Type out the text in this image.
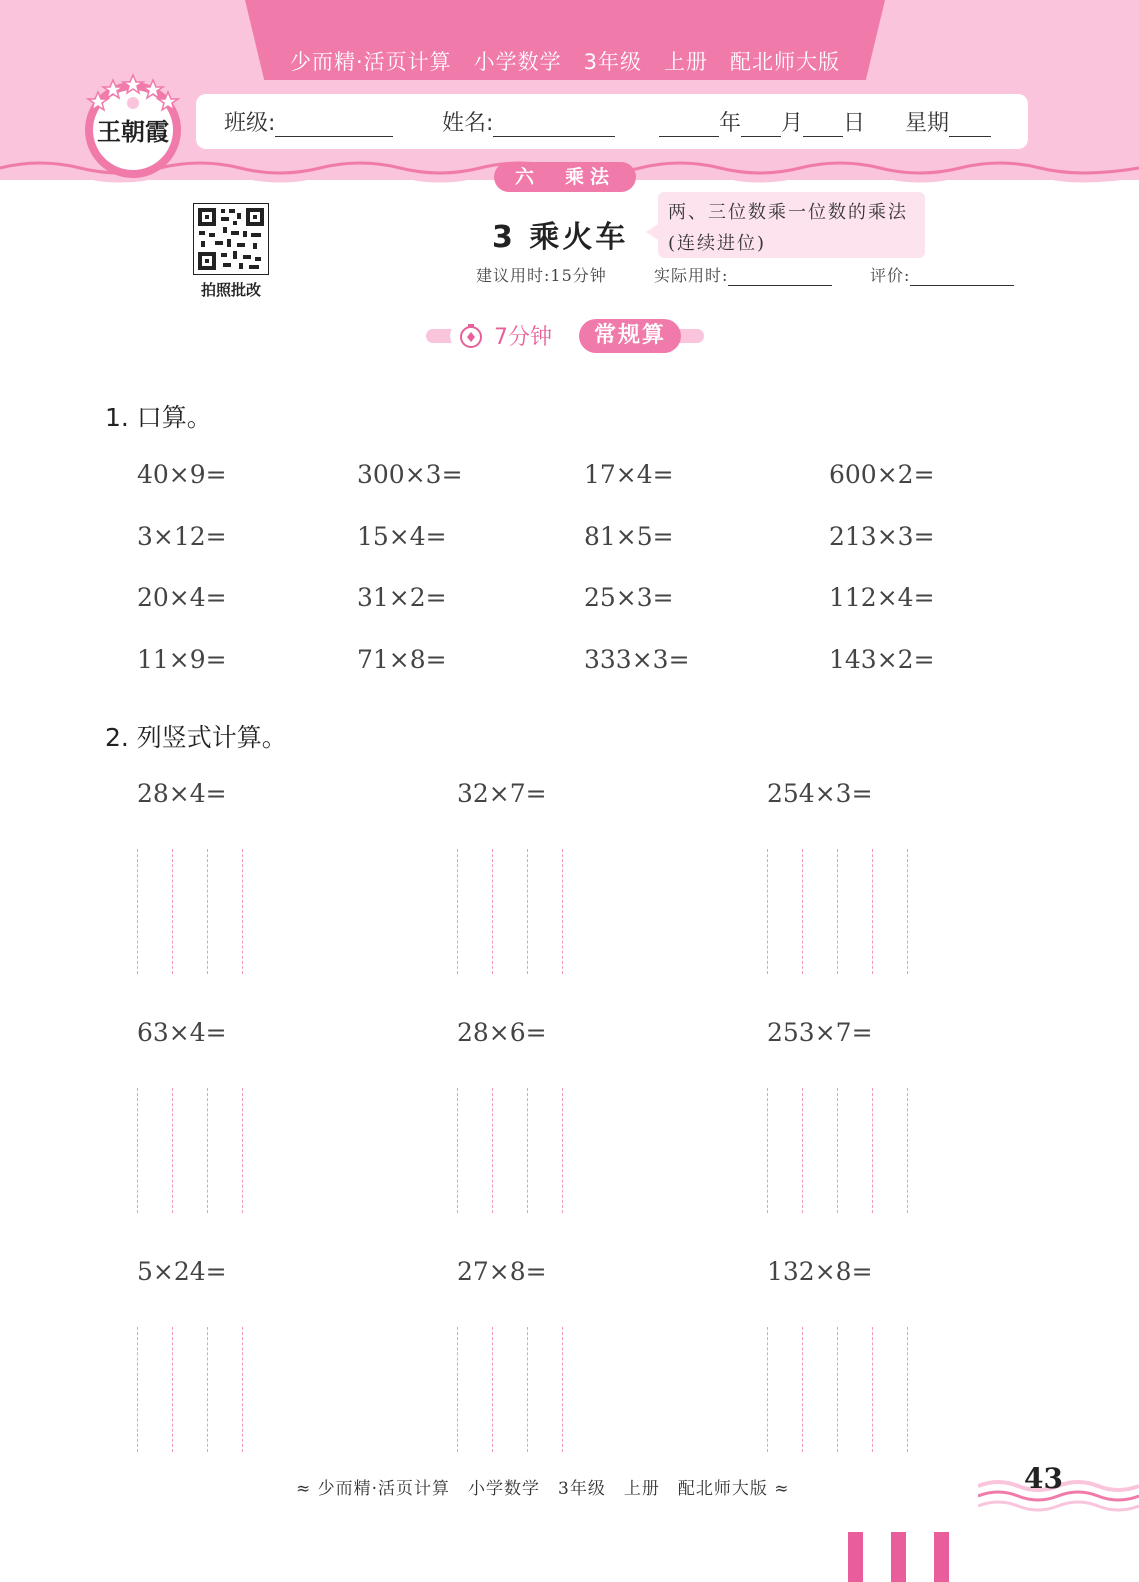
少而精·活页计算　小学数学　3年级　上册　配北师大版
王朝霞	班级:	姓名:	年 月 日 星期
六　乘法
拍照批改
3 乘火车
两、三位数乘一位数的乘法
(连续进位)
建议用时:15分钟	实际用时:	评价:
7分钟	常规算
1. 口算。
40×9=	300×3=	17×4=	600×2=
3×12=	15×4=	81×5=	213×3=
20×4=	31×2=	25×3=	112×4=
11×9=	71×8=	333×3=	143×2=
2. 列竖式计算。
28×4=	32×7=	254×3=
63×4=	28×6=	253×7=
5×24=	27×8=	132×8=
≈ 少而精·活页计算　小学数学　3年级　上册　配北师大版 ≈	43
